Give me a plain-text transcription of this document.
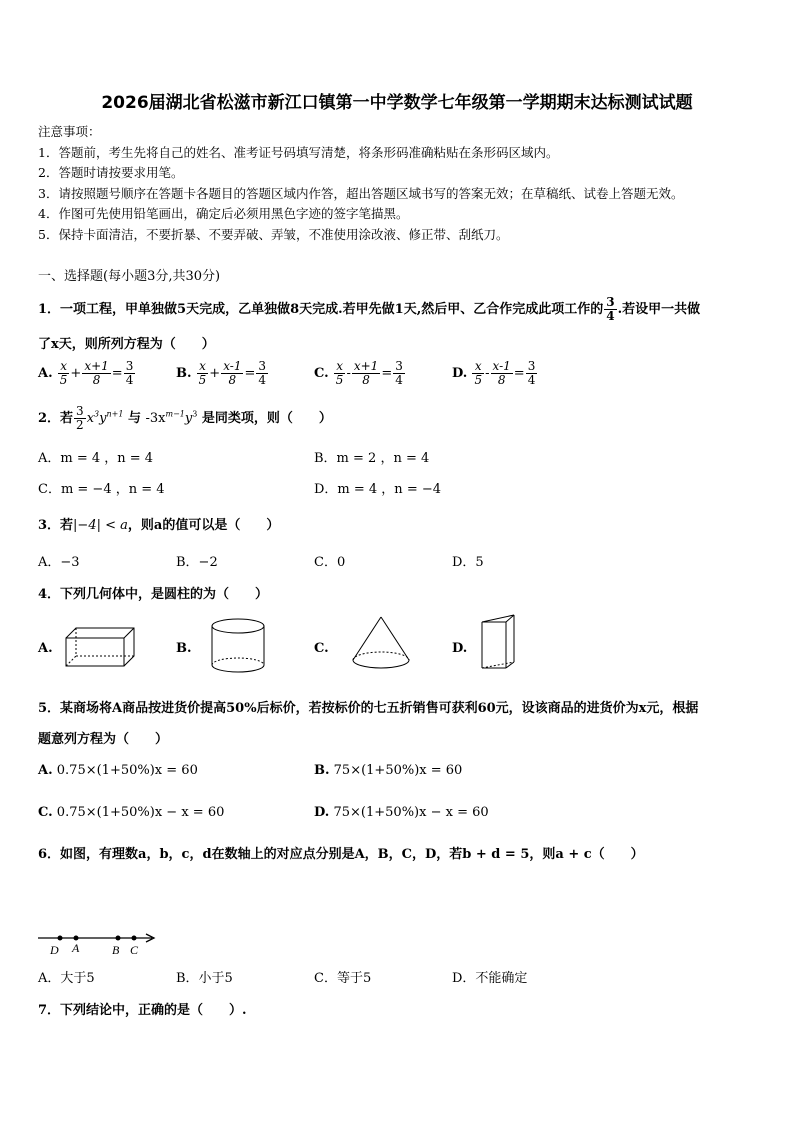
2026届湖北省松滋市新江口镇第一中学数学七年级第一学期期末达标测试试题
注意事项：
1．答题前，考生先将自己的姓名、准考证号码填写清楚，将条形码准确粘贴在条形码区域内。
2．答题时请按要求用笔。
3．请按照题号顺序在答题卡各题目的答题区域内作答，超出答题区域书写的答案无效；在草稿纸、试卷上答题无效。
4．作图可先使用铅笔画出，确定后必须用黑色字迹的签字笔描黑。
5．保持卡面清洁，不要折暴、不要弄破、弄皱，不准使用涂改液、修正带、刮纸刀。
一、选择题(每小题3分,共30分)
1．一项工程，甲单独做5天完成，乙单独做8天完成.若甲先做1天,然后甲、乙合作完成此项工作的 $\frac{3}{4}$ .若设甲一共做
了x天，则所列方程为（　　）
A. $\frac{x}{5} + \frac{x+1}{8} = \frac{3}{4}$	B. $\frac{x}{5} + \frac{x-1}{8} = \frac{3}{4}$	C. $\frac{x}{5} - \frac{x+1}{8} = \frac{3}{4}$	D. $\frac{x}{5} - \frac{x-1}{8} = \frac{3}{4}$
2．若 $\frac{3}{2} x^3y^{n+1}$ 与 $-3x^{m-1}y^3$ 是同类项，则（　　）
A．m = 4 ，n = 4	B．m = 2 ，n = 4
C．m = −4 ，n = 4	D．m = 4 ，n = −4
3．若|−4| < a，则a的值可以是（　　）
A．−3	B．−2	C．0	D．5
4．下列几何体中，是圆柱的为（　　）
A.	B.	C.	D.
5．某商场将A商品按进货价提高50%后标价，若按标价的七五折销售可获利60元，设该商品的进货价为x元，根据
题意列方程为（　　）
A. 0.75×(1+50%)x = 60	B. 75×(1+50%)x = 60
C. 0.75×(1+50%)x − x = 60	D. 75×(1+50%)x − x = 60
6．如图，有理数a，b，c，d在数轴上的对应点分别是A，B，C，D，若b + d = 5，则a + c（　　）
D A	B C
A．大于5	B．小于5	C．等于5	D．不能确定
7．下列结论中，正确的是（　　）.
